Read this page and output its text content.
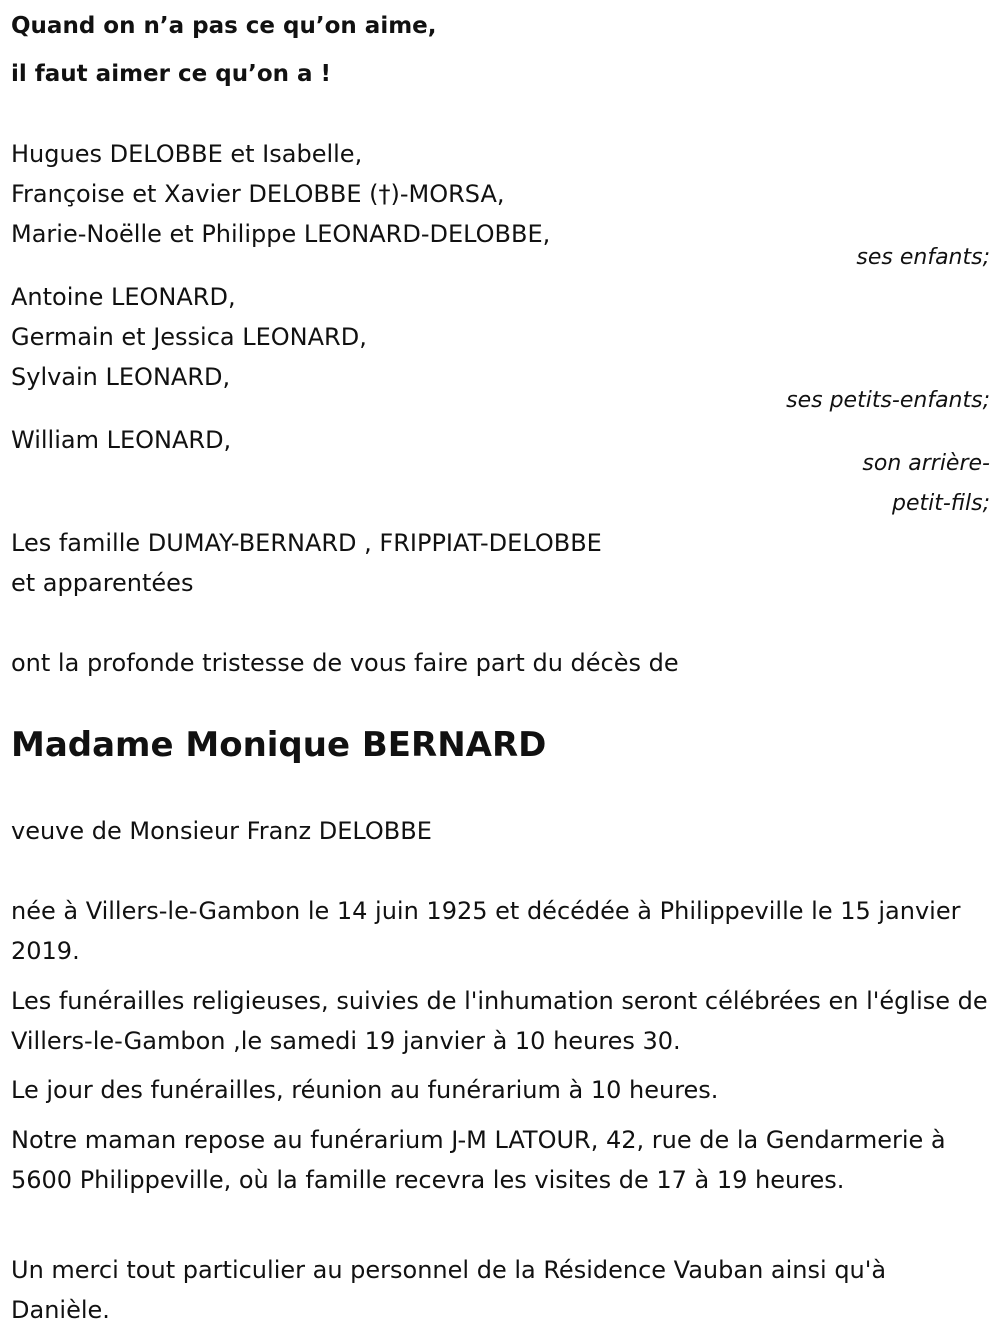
Quand on n’a pas ce qu’on aime,
il faut aimer ce qu’on a !
Hugues DELOBBE et Isabelle,
Françoise et Xavier DELOBBE (†)-MORSA,
Marie-Noëlle et Philippe LEONARD-DELOBBE,
ses enfants;
Antoine LEONARD,
Germain et Jessica LEONARD,
Sylvain LEONARD,
ses petits-enfants;
William LEONARD,
son arrière-
petit-fils;
Les famille DUMAY-BERNARD , FRIPPIAT-DELOBBE
et apparentées
ont la profonde tristesse de vous faire part du décès de
Madame Monique BERNARD
veuve de Monsieur Franz DELOBBE
née à Villers-le-Gambon le 14 juin 1925 et décédée à Philippeville le 15 janvier 2019.
Les funérailles religieuses, suivies de l'inhumation seront célébrées en l'église de Villers-le-Gambon ,le samedi 19 janvier à 10 heures 30.
Le jour des funérailles, réunion au funérarium à 10 heures.
Notre maman repose au funérarium J-M LATOUR, 42, rue de la Gendarmerie à 5600 Philippeville, où la famille recevra les visites de 17 à 19 heures.
Un merci tout particulier au personnel de la Résidence Vauban ainsi qu'à Danièle.
